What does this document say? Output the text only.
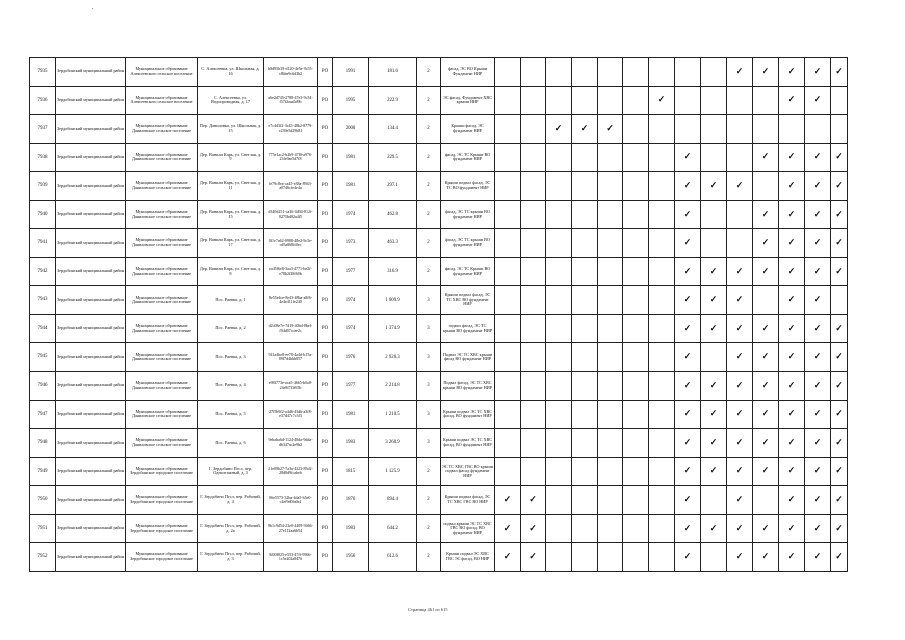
7935	Зердобинский муниципальный район	Муниципальное образование Алексеевского сельское поселение	С. Алексеевка, ул. Школьная, д. 16	b8d95b39-d120-4e5e-9c55-c8bbe9c6d3b2	РО	1991	181.6	2	фасад, ЭС ВО Крыши Фундамент НИР										✓	✓	✓	✓	✓
7936	Зердобинский муниципальный район	Муниципальное образование Алексеевского сельское поселение	С. Алексеевка, ул. Водопроводная, д. 17	a6e2d745-2788-47e3-9c54-f57f2aaa5d9b	РО	1995	222.9	2	ЭС фасад, Фундамент ХВС крыши НИР							✓					✓	✓	
7937	Зердобинский муниципальный район	Муниципальное образование Даниловское сельское поселение	Пер. Даниловка, ул. Школьная, д. 15	e7c4d3f2-3c45-48b2-8779-c239e5d29b81	РО	2000	134.4	2	Крыши фасад, ЭС фундамент НИР			✓	✓	✓									
7938	Зердобинский муниципальный район	Муниципальное образование Даниловское сельское поселение	Дер. Ванили Карь, ул. Светлая, д. 9	775e1ac2-b2b9-47f0-a976-23fe9ae5d7f8	РО	1981	229.5	2	фасад, ЭС ТС Крыши ВО фундамент НИР								✓			✓	✓	✓	✓
7939	Зердобинский муниципальный район	Муниципальное образование Даниловское сельское поселение	Дер. Ванили Карь, ул. Светлая, д. 11	fe79c8ea-ca45-e38a-8943-a0746cfe4e4a	РО	1981	297.1	2	Крыши подвал фасад, ЭС ТС ВО фундамент НИР								✓	✓	✓		✓	✓	✓
7940	Зердобинский муниципальный район	Муниципальное образование Даниловское сельское поселение	Дер. Ванили Карь, ул. Светлая, д. 15	d340d251-ca36-4d94-812f-0275bd02a4f5	РО	1974	462.8	2	фасад, ЭС ТС крыши ВО фундамент НИР								✓			✓	✓	✓	✓
7941	Зердобинский муниципальный район	Муниципальное образование Даниловское сельское поселение	Дер. Ванили Карь, ул. Светлая, д. 17	0f1e7a62-0988-48e2-9c5e-cd5a868fdfec	РО	1973	463.3	2	фасад, ЭС ТС крыши ВО фундамент НИР								✓			✓	✓	✓	✓
7942	Зердобинский муниципальный район	Муниципальное образование Даниловское сельское поселение	Дер. Ванили Карь, ул. Светлая, д. 8	ea45f6e8-3aa3-4771-be2f-e78b2f28f60b	РО	1977	316.9	2	фасад, ЭС ТС Крыши ВО фундамент НИР								✓	✓	✓	✓	✓	✓	✓
7943	Зердобинский муниципальный район	Муниципальное образование Даниловское сельское поселение	Пос. Раевка, д. 1	8e55e4ce-8e43-48ba-a8f6-4e4e411fe240	РО	1974	1 609.9	3	Крыши подвал фасад, ЭС ТС ХВС ВО фундамент НИР								✓	✓	✓		✓	✓	
7944	Зердобинский муниципальный район	Муниципальное образование Даниловское сельское поселение	Пос. Раевка, д. 2	d2c08e7e-7d19-40bd-8bef-f94d07ccae2c	РО	1974	1 374.9	3	подвал фасад, ЭС ТС крыши ВО фундамент НИР								✓	✓	✓	✓	✓	✓	✓
7945	Зердобинский муниципальный район	Муниципальное образование Даниловское сельское поселение	Пос. Раевка, д. 3	941a4be8-ee78-4a4d-b15a-89f7d4bbb857	РО	1976	2 920.3	3	Подвал ЭС ТС ХВС крыши фасад ВО фундамент НИР								✓		✓	✓	✓	✓	✓
7946	Зердобинский муниципальный район	Муниципальное образование Даниловское сельское поселение	Пос. Раевка, д. 4	e98f773e-aca5-4665-b0a8-24e8f7f3f65b	РО	1977	2 214.8	3	Подвал фасад, ЭС ТС ХВС крыши ВО фундамент НИР								✓	✓	✓	✓	✓	✓	✓
7947	Зердобинский муниципальный район	Муниципальное образование Даниловское сельское поселение	Пос. Раевка, д. 5	27f5b9f2-a4d6-43d6-a3f8-e37d47c7c3f3	РО	1981	1 210.5	3	Крыши подвал ЭС ТС ХВС фасад, ВО фундамент НИР								✓	✓	✓	✓	✓	✓	✓
7948	Зердобинский муниципальный район	Муниципальное образование Даниловское сельское поселение	Пос. Раевка, д. 6	9ebaba6d-1124-48da-9dda-d6347ac2e9b2	РО	1983	3 260.9	3	Крыши подвал ЭС ТС ХВС фасад, ВО фундамент НИР								✓	✓	✓	✓	✓	✓	✓
7949	Зердобинский муниципальный район	Муниципальное образование Зердобинское городское поселение	Г. Зердобино Пгсл, пер. Одноэтажный, д. 3	21e09b27-7a3a-4223-85d2-28d8d9fcabeb	РО	1815	1 125.9	2	ЭС ТС ХВС ГВС ВО крыши подвал фасад фундамент НИР								✓	✓	✓	✓	✓	✓	✓
7950	Зердобинский муниципальный район	Муниципальное образование Зердобинское городское поселение	Г. Зердобино Пгсл, пер. Рабочий, д. 4	06e5573-32ba-4da5-b5e0-c2ef9d0fa0e2	РО	1876	894.4	2	Крыши подвал фасад, ЭС ТС ХВС ГВС ВО НИР	✓	✓						✓		✓		✓	✓	✓
7951	Зердобинский муниципальный район	Муниципальное образование Зердобинское городское поселение	Г. Зердобино Пгсл, пер. Рабочий, д. 2а	9b1c9d54-23e0-4409-9466-27e112aa6b54	РО	1983	644.2	2	подвал крыши ЭС ТС ХВС ГВС ВО фасад, ВО фундамент НИР	✓	✓						✓	✓	✓	✓	✓	✓	✓
7952	Зердобинский муниципальный район	Муниципальное образование Зердобинское городское поселение	Г. Зердобино Пгсл, пер. Рабочий, д. 3	8f00f825-e553-47ff-9966-1c5e202a8476	РО	1956	612.6	2	Крыши подвал ЭС ХВС ГВС ЭС фасад, ВО НИР	✓	✓						✓		✓	✓	✓	✓	✓
Страница 461 из 615
